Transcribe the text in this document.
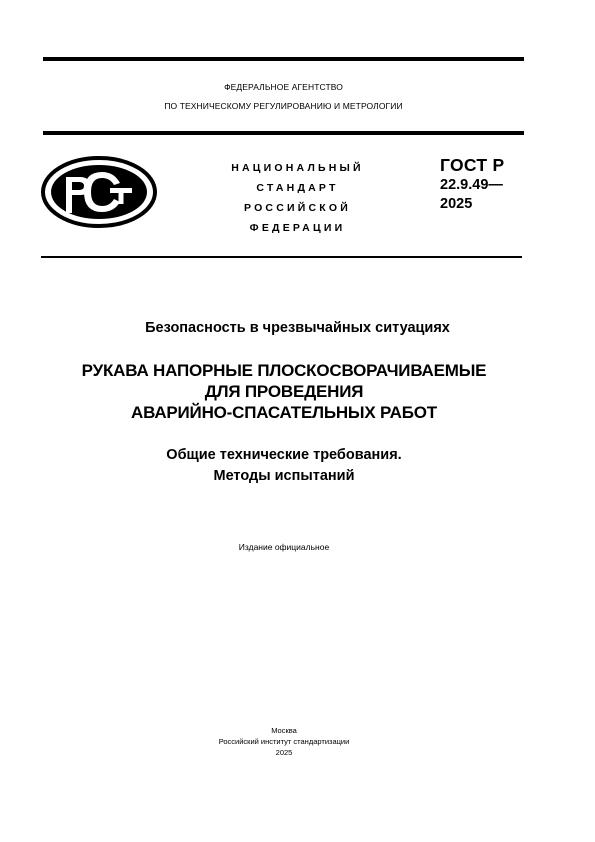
ФЕДЕРАЛЬНОЕ АГЕНТСТВО
ПО ТЕХНИЧЕСКОМУ РЕГУЛИРОВАНИЮ И МЕТРОЛОГИИ
НАЦИОНАЛЬНЫЙ
СТАНДАРТ
РОССИЙСКОЙ
ФЕДЕРАЦИИ
ГОСТ Р
22.9.49—
2025
Безопасность в чрезвычайных ситуациях
РУКАВА НАПОРНЫЕ ПЛОСКОСВОРАЧИВАЕМЫЕ
ДЛЯ ПРОВЕДЕНИЯ
АВАРИЙНО-СПАСАТЕЛЬНЫХ РАБОТ
Общие технические требования.
Методы испытаний
Издание официальное
Москва
Российский институт стандартизации
2025
